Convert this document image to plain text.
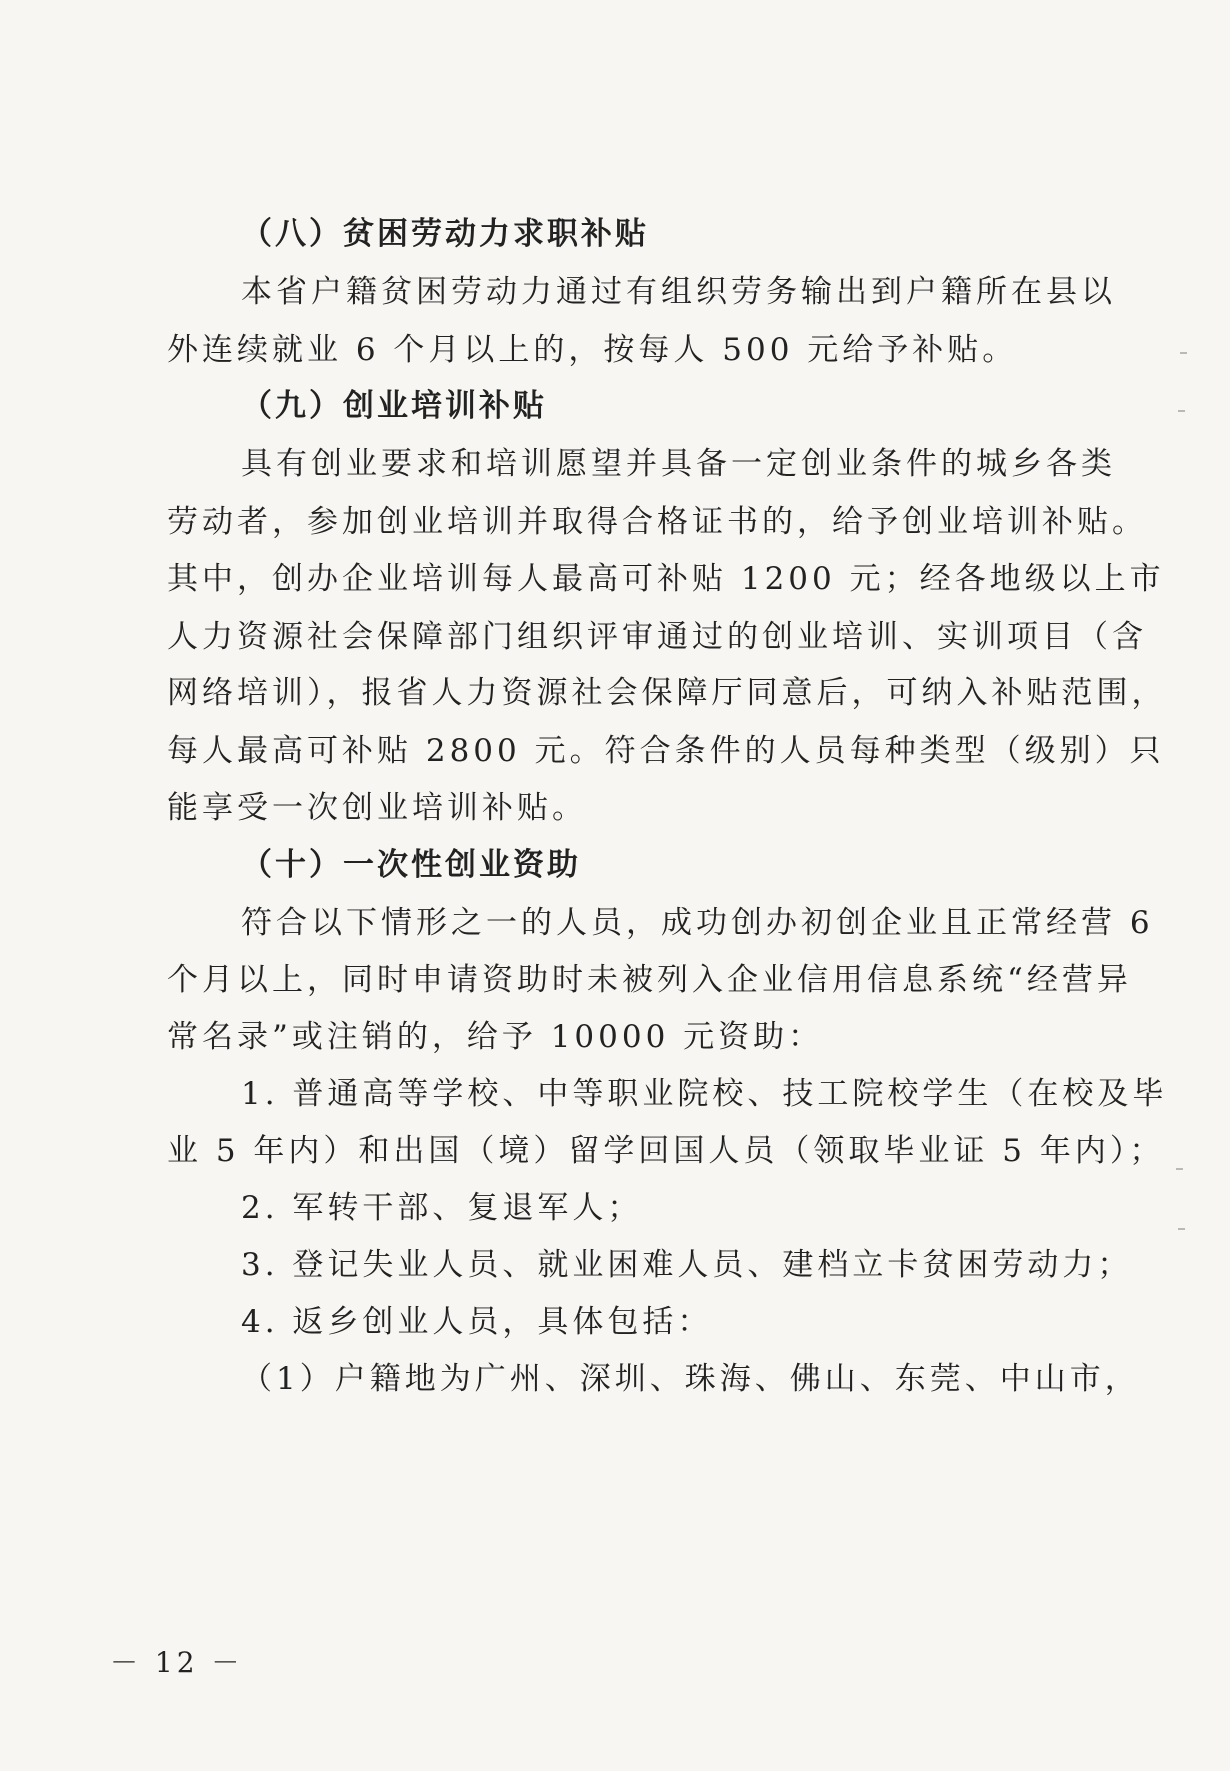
（八）贫困劳动力求职补贴
本省户籍贫困劳动力通过有组织劳务输出到户籍所在县以
外连续就业 6 个月以上的，按每人 500 元给予补贴。
（九）创业培训补贴
具有创业要求和培训愿望并具备一定创业条件的城乡各类
劳动者，参加创业培训并取得合格证书的，给予创业培训补贴。
其中，创办企业培训每人最高可补贴 1200 元；经各地级以上市
人力资源社会保障部门组织评审通过的创业培训、实训项目（含
网络培训），报省人力资源社会保障厅同意后，可纳入补贴范围，
每人最高可补贴 2800 元。符合条件的人员每种类型（级别）只
能享受一次创业培训补贴。
（十）一次性创业资助
符合以下情形之一的人员，成功创办初创企业且正常经营 6
个月以上，同时申请资助时未被列入企业信用信息系统“经营异
常名录”或注销的，给予 10000 元资助：
1. 普通高等学校、中等职业院校、技工院校学生（在校及毕
业 5 年内）和出国（境）留学回国人员（领取毕业证 5 年内）；
2. 军转干部、复退军人；
3. 登记失业人员、就业困难人员、建档立卡贫困劳动力；
4. 返乡创业人员，具体包括：
（1）户籍地为广州、深圳、珠海、佛山、东莞、中山市，
－ 12 －
